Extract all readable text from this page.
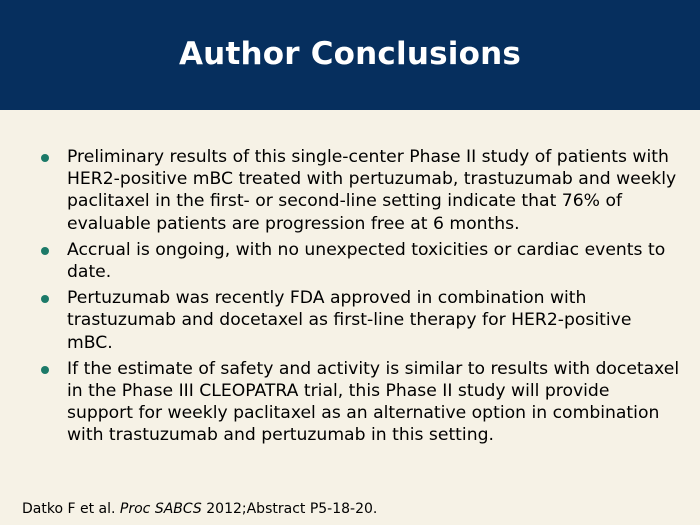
Author Conclusions
Preliminary results of this single-center Phase II study of patients with HER2-positive mBC treated with pertuzumab, trastuzumab and weekly paclitaxel in the first- or second-line setting indicate that 76% of evaluable patients are progression free at 6 months.
Accrual is ongoing, with no unexpected toxicities or cardiac events to date.
Pertuzumab was recently FDA approved in combination with trastuzumab and docetaxel as first-line therapy for HER2-positive mBC.
If the estimate of safety and activity is similar to results with docetaxel in the Phase III CLEOPATRA trial, this Phase II study will provide support for weekly paclitaxel as an alternative option in combination with trastuzumab and pertuzumab in this setting.
Datko F et al. Proc SABCS 2012;Abstract P5-18-20.
